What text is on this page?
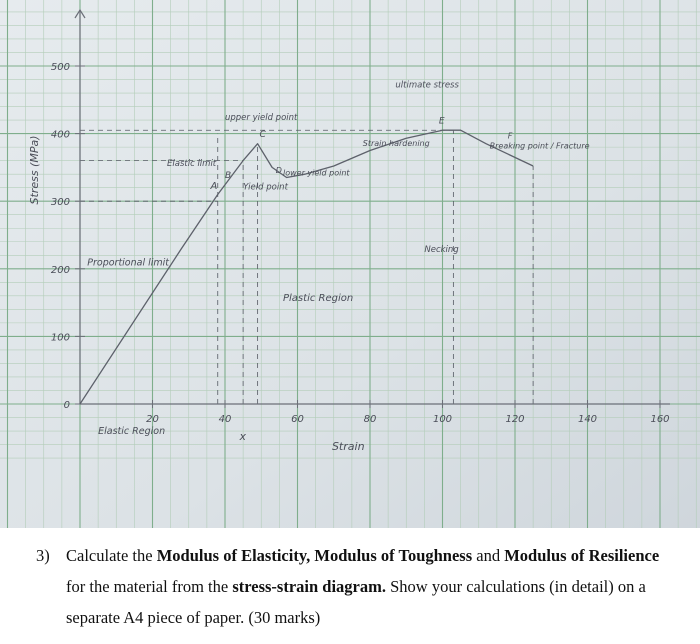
20	40	60	80	100	120	140	160
0
100
200
300
400
500
Stress (MPa)
Strain
A
B
C
D
E
F
x
Proportional limit
Elastic limit
upper yield point
lower yield point
Yield point
Strain hardening
ultimate stress
Breaking point / Fracture
Necking
Plastic Region
Elastic Region
3) Calculate the Modulus of Elasticity, Modulus of Toughness and Modulus of Resilience for the material from the stress-strain diagram. Show your calculations (in detail) on a separate A4 piece of paper. (30 marks)
